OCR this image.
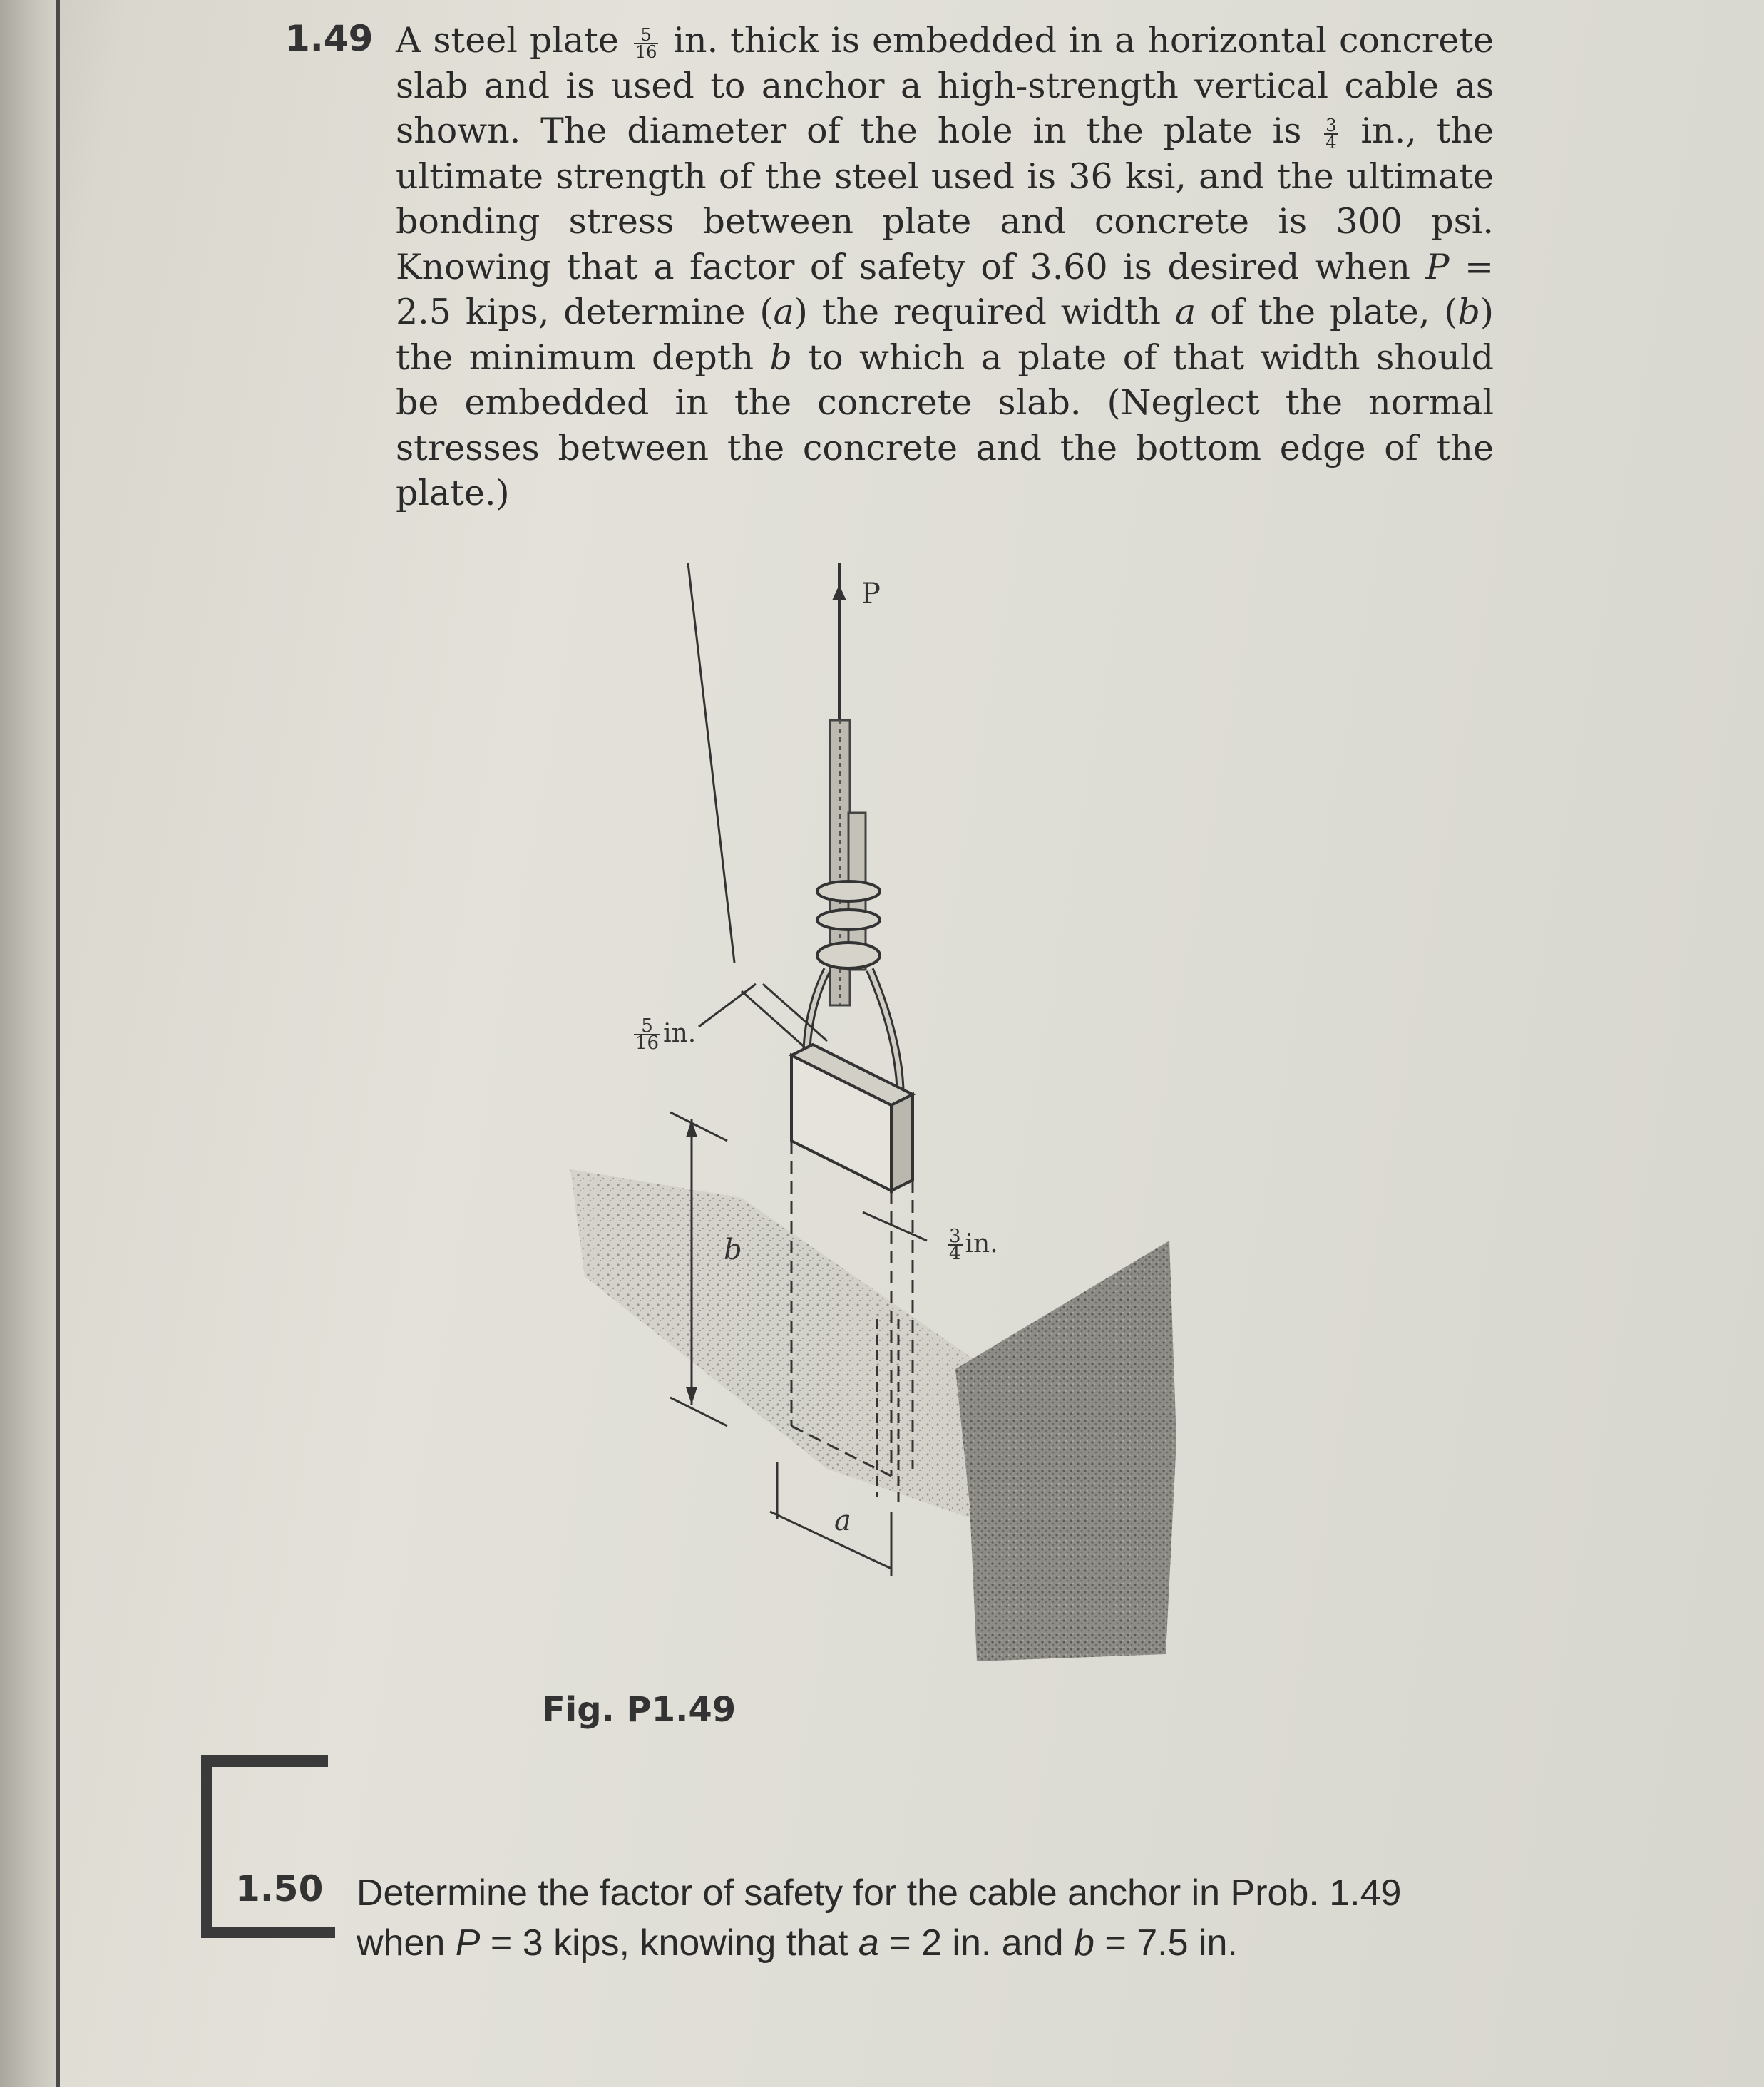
1.49 A steel plate $\frac{5}{16}$ in. thick is embedded in a horizontal concrete slab and is used to anchor a high-strength vertical cable as shown. The diameter of the hole in the plate is $\frac{3}{4}$ in., the ultimate strength of the steel used is 36 ksi, and the ultimate bonding stress between plate and concrete is 300 psi. Knowing that a factor of safety of 3.60 is desired when P = 2.5 kips, determine (a) the required width a of the plate, (b) the minimum depth b to which a plate of that width should be embedded in the concrete slab. (Neglect the normal stresses between the concrete and the bottom edge of the plate.)
P
$\frac{5}{16}$ in.
$\frac{3}{4}$ in.
b
a
Fig. P1.49
1.50 Determine the factor of safety for the cable anchor in Prob. 1.49
when P = 3 kips, knowing that a = 2 in. and b = 7.5 in.
